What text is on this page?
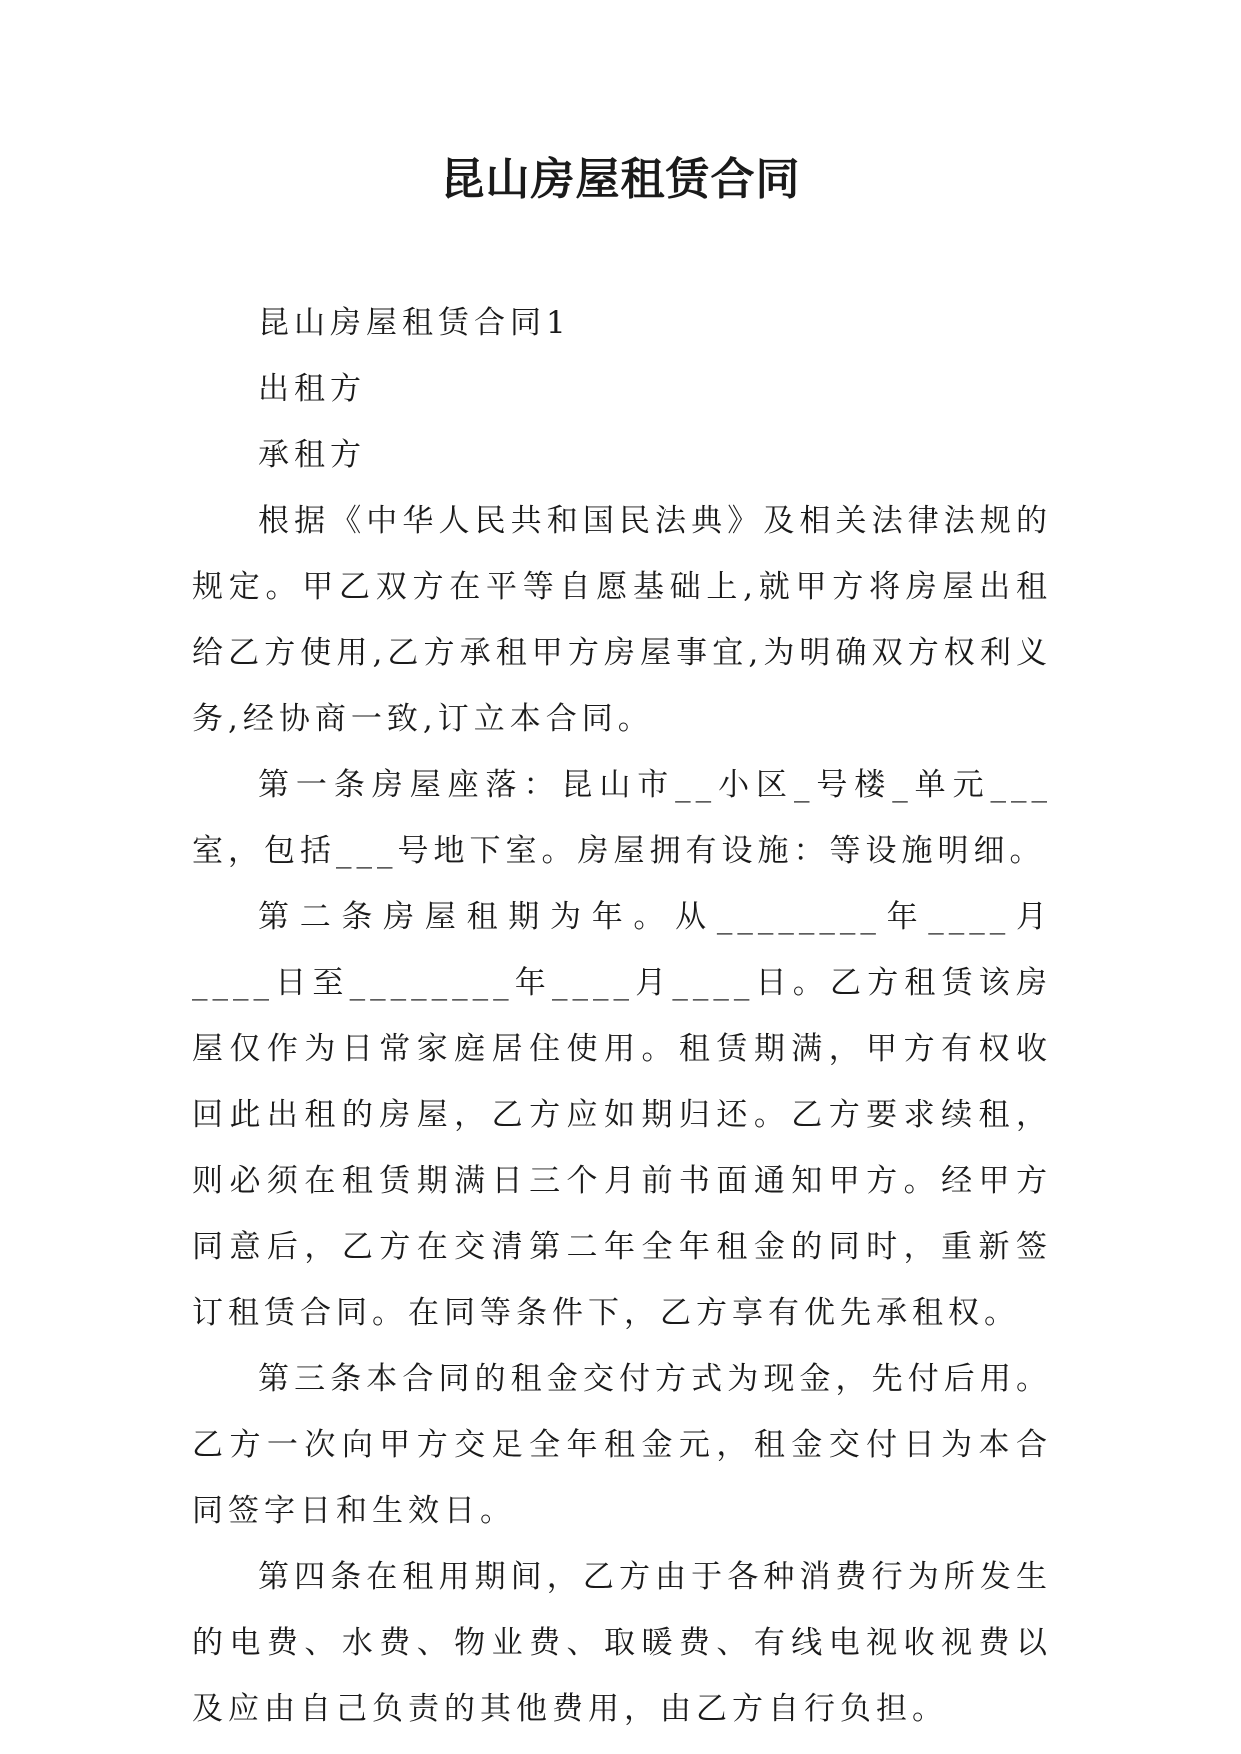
昆山房屋租赁合同

昆山房屋租赁合同1

出租方

承租方

根据《中华人民共和国民法典》及相关法律法规的规定。甲乙双方在平等自愿基础上,就甲方将房屋出租给乙方使用,乙方承租甲方房屋事宜,为明确双方权利义务,经协商一致,订立本合同。

第一条房屋座落：昆山市__小区_号楼_单元___室，包括___号地下室。房屋拥有设施：等设施明细。

第二条房屋租期为年。从________年____月____日至________年____月____日。乙方租赁该房屋仅作为日常家庭居住使用。租赁期满，甲方有权收回此出租的房屋，乙方应如期归还。乙方要求续租，则必须在租赁期满日三个月前书面通知甲方。经甲方同意后，乙方在交清第二年全年租金的同时，重新签订租赁合同。在同等条件下，乙方享有优先承租权。

第三条本合同的租金交付方式为现金，先付后用。乙方一次向甲方交足全年租金元，租金交付日为本合同签字日和生效日。

第四条在租用期间，乙方由于各种消费行为所发生的电费、水费、物业费、取暖费、有线电视收视费以及应由自己负责的其他费用，由乙方自行负担。
